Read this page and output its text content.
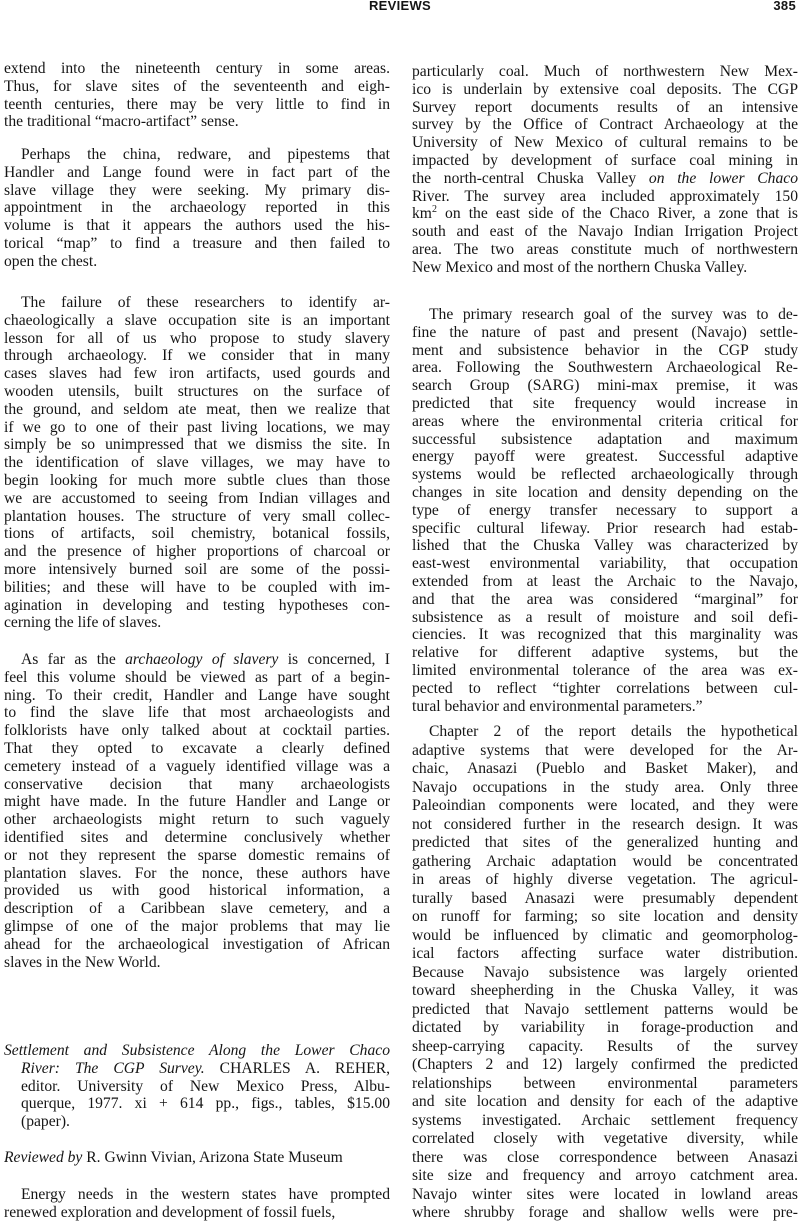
REVIEWS	385
extend into the nineteenth century in some areas.
Thus, for slave sites of the seventeenth and eigh-
teenth centuries, there may be very little to find in
the traditional “macro-artifact” sense.
Perhaps the china, redware, and pipestems that
Handler and Lange found were in fact part of the
slave village they were seeking. My primary dis-
appointment in the archaeology reported in this
volume is that it appears the authors used the his-
torical “map” to find a treasure and then failed to
open the chest.
The failure of these researchers to identify ar-
chaeologically a slave occupation site is an important
lesson for all of us who propose to study slavery
through archaeology. If we consider that in many
cases slaves had few iron artifacts, used gourds and
wooden utensils, built structures on the surface of
the ground, and seldom ate meat, then we realize that
if we go to one of their past living locations, we may
simply be so unimpressed that we dismiss the site. In
the identification of slave villages, we may have to
begin looking for much more subtle clues than those
we are accustomed to seeing from Indian villages and
plantation houses. The structure of very small collec-
tions of artifacts, soil chemistry, botanical fossils,
and the presence of higher proportions of charcoal or
more intensively burned soil are some of the possi-
bilities; and these will have to be coupled with im-
agination in developing and testing hypotheses con-
cerning the life of slaves.
As far as the archaeology of slavery is concerned, I
feel this volume should be viewed as part of a begin-
ning. To their credit, Handler and Lange have sought
to find the slave life that most archaeologists and
folklorists have only talked about at cocktail parties.
That they opted to excavate a clearly defined
cemetery instead of a vaguely identified village was a
conservative decision that many archaeologists
might have made. In the future Handler and Lange or
other archaeologists might return to such vaguely
identified sites and determine conclusively whether
or not they represent the sparse domestic remains of
plantation slaves. For the nonce, these authors have
provided us with good historical information, a
description of a Caribbean slave cemetery, and a
glimpse of one of the major problems that may lie
ahead for the archaeological investigation of African
slaves in the New World.
Settlement and Subsistence Along the Lower Chaco
River: The CGP Survey. CHARLES A. REHER,
editor. University of New Mexico Press, Albu-
querque, 1977. xi + 614 pp., figs., tables, $15.00
(paper).
Reviewed by R. Gwinn Vivian, Arizona State Museum
Energy needs in the western states have prompted
renewed exploration and development of fossil fuels,
particularly coal. Much of northwestern New Mex-
ico is underlain by extensive coal deposits. The CGP
Survey report documents results of an intensive
survey by the Office of Contract Archaeology at the
University of New Mexico of cultural remains to be
impacted by development of surface coal mining in
the north-central Chuska Valley on the lower Chaco
River. The survey area included approximately 150
$km^2$ on the east side of the Chaco River, a zone that is
south and east of the Navajo Indian Irrigation Project
area. The two areas constitute much of northwestern
New Mexico and most of the northern Chuska Valley.
The primary research goal of the survey was to de-
fine the nature of past and present (Navajo) settle-
ment and subsistence behavior in the CGP study
area. Following the Southwestern Archaeological Re-
search Group (SARG) mini-max premise, it was
predicted that site frequency would increase in
areas where the environmental criteria critical for
successful subsistence adaptation and maximum
energy payoff were greatest. Successful adaptive
systems would be reflected archaeologically through
changes in site location and density depending on the
type of energy transfer necessary to support a
specific cultural lifeway. Prior research had estab-
lished that the Chuska Valley was characterized by
east-west environmental variability, that occupation
extended from at least the Archaic to the Navajo,
and that the area was considered “marginal” for
subsistence as a result of moisture and soil defi-
ciencies. It was recognized that this marginality was
relative for different adaptive systems, but the
limited environmental tolerance of the area was ex-
pected to reflect “tighter correlations between cul-
tural behavior and environmental parameters.”
Chapter 2 of the report details the hypothetical
adaptive systems that were developed for the Ar-
chaic, Anasazi (Pueblo and Basket Maker), and
Navajo occupations in the study area. Only three
Paleoindian components were located, and they were
not considered further in the research design. It was
predicted that sites of the generalized hunting and
gathering Archaic adaptation would be concentrated
in areas of highly diverse vegetation. The agricul-
turally based Anasazi were presumably dependent
on runoff for farming; so site location and density
would be influenced by climatic and geomorpholog-
ical factors affecting surface water distribution.
Because Navajo subsistence was largely oriented
toward sheepherding in the Chuska Valley, it was
predicted that Navajo settlement patterns would be
dictated by variability in forage-production and
sheep-carrying capacity. Results of the survey
(Chapters 2 and 12) largely confirmed the predicted
relationships between environmental parameters
and site location and density for each of the adaptive
systems investigated. Archaic settlement frequency
correlated closely with vegetative diversity, while
there was close correspondence between Anasazi
site size and frequency and arroyo catchment area.
Navajo winter sites were located in lowland areas
where shrubby forage and shallow wells were pre-
